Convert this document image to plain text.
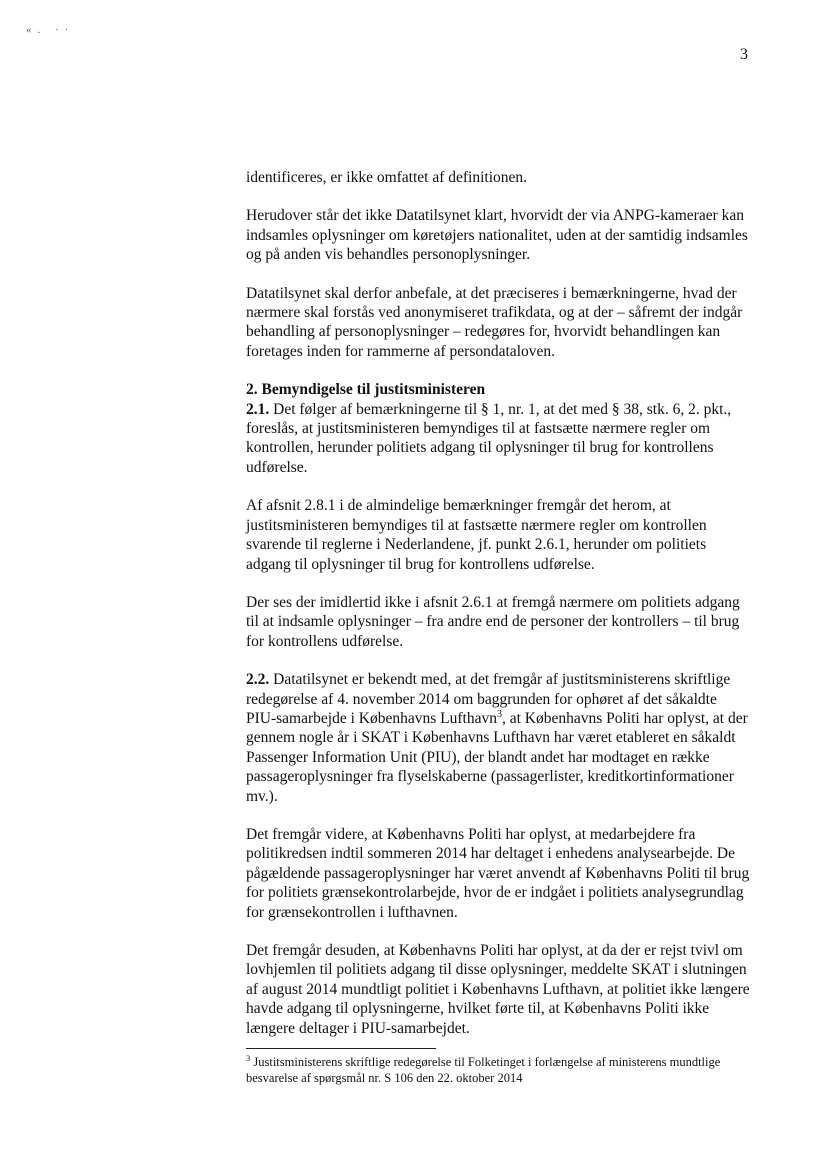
«. ··
3

identificeres, er ikke omfattet af definitionen.

Herudover står det ikke Datatilsynet klart, hvorvidt der via ANPG-kameraer kan indsamles oplysninger om køretøjers nationalitet, uden at der samtidig indsamles og på anden vis behandles personoplysninger.

Datatilsynet skal derfor anbefale, at det præciseres i bemærkningerne, hvad der nærmere skal forstås ved anonymiseret trafikdata, og at der – såfremt der indgår behandling af personoplysninger – redegøres for, hvorvidt behandlingen kan foretages inden for rammerne af persondataloven.

2. Bemyndigelse til justitsministeren

2.1. Det følger af bemærkningerne til § 1, nr. 1, at det med § 38, stk. 6, 2. pkt., foreslås, at justitsministeren bemyndiges til at fastsætte nærmere regler om kontrollen, herunder politiets adgang til oplysninger til brug for kontrollens udførelse.

Af afsnit 2.8.1 i de almindelige bemærkninger fremgår det herom, at justitsministeren bemyndiges til at fastsætte nærmere regler om kontrollen svarende til reglerne i Nederlandene, jf. punkt 2.6.1, herunder om politiets adgang til oplysninger til brug for kontrollens udførelse.

Der ses der imidlertid ikke i afsnit 2.6.1 at fremgå nærmere om politiets adgang til at indsamle oplysninger – fra andre end de personer der kontrollers – til brug for kontrollens udførelse.

2.2. Datatilsynet er bekendt med, at det fremgår af justitsministerens skriftlige redegørelse af 4. november 2014 om baggrunden for ophøret af det såkaldte PIU-samarbejde i Københavns Lufthavn$^3$, at Københavns Politi har oplyst, at der gennem nogle år i SKAT i Københavns Lufthavn har været etableret en såkaldt Passenger Information Unit (PIU), der blandt andet har modtaget en række passageroplysninger fra flyselskaberne (passagerlister, kreditkortinformationer mv.).

Det fremgår videre, at Københavns Politi har oplyst, at medarbejdere fra politikredsen indtil sommeren 2014 har deltaget i enhedens analysearbejde. De pågældende passageroplysninger har været anvendt af Københavns Politi til brug for politiets grænsekontrolarbejde, hvor de er indgået i politiets analysegrundlag for grænsekontrollen i lufthavnen.

Det fremgår desuden, at Københavns Politi har oplyst, at da der er rejst tvivl om lovhjemlen til politiets adgang til disse oplysninger, meddelte SKAT i slutningen af august 2014 mundtligt politiet i Københavns Lufthavn, at politiet ikke længere havde adgang til oplysningerne, hvilket førte til, at Københavns Politi ikke længere deltager i PIU-samarbejdet.

$^3$ Justitsministerens skriftlige redegørelse til Folketinget i forlængelse af ministerens mundtlige besvarelse af spørgsmål nr. S 106 den 22. oktober 2014
